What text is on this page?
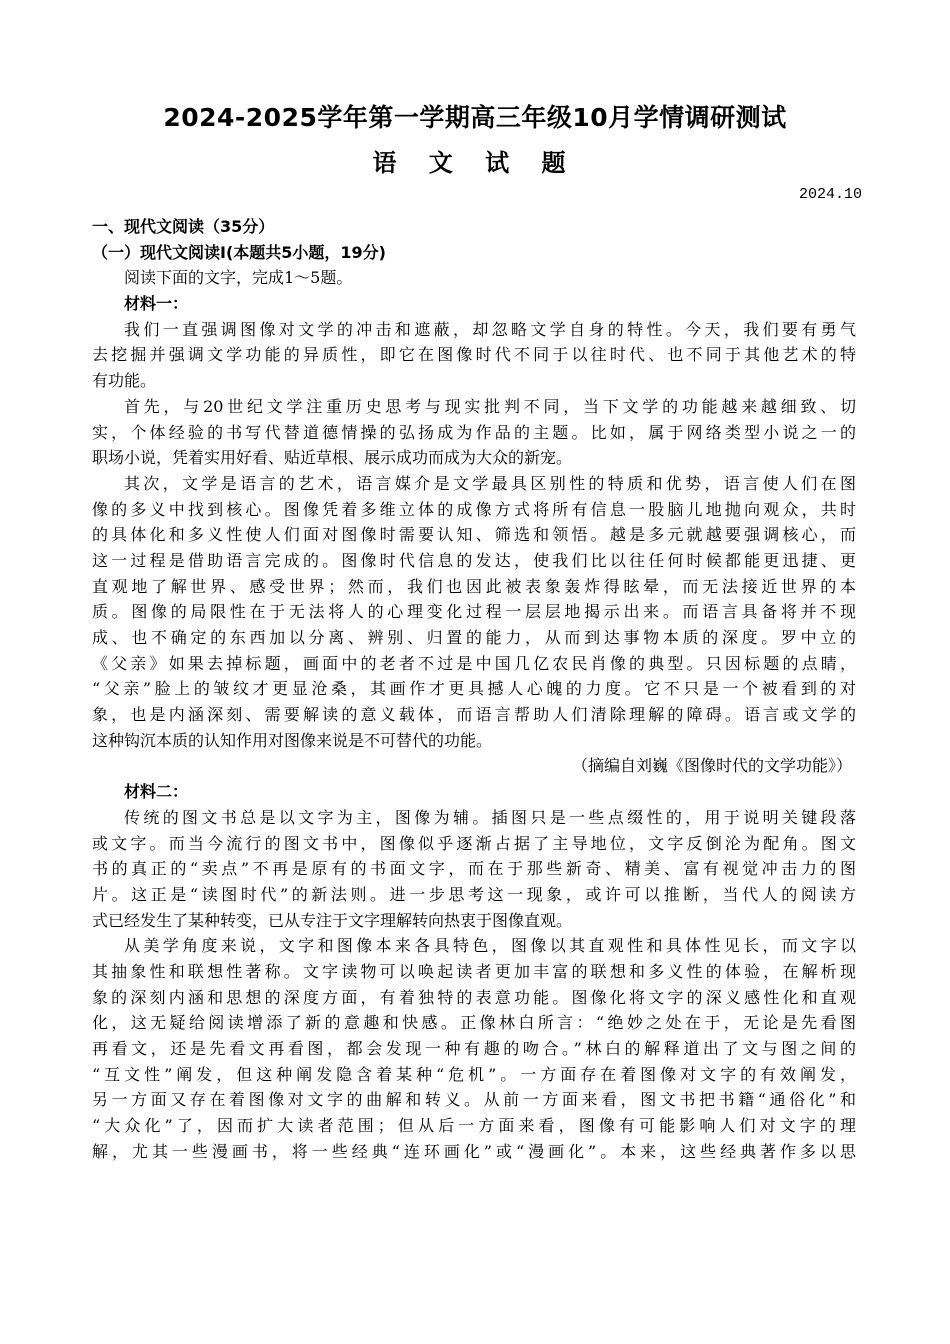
2024-2025学年第一学期高三年级10月学情调研测试
语 文 试 题
2024.10
一、现代文阅读（35分）
（一）现代文阅读Ⅰ(本题共5小题，19分)
阅读下面的文字，完成1～5题。
材料一：
我们一直强调图像对文学的冲击和遮蔽，却忽略文学自身的特性。今天，我们要有勇气
去挖掘并强调文学功能的异质性，即它在图像时代不同于以往时代、也不同于其他艺术的特
有功能。
首先，与20世纪文学注重历史思考与现实批判不同，当下文学的功能越来越细致、切
实，个体经验的书写代替道德情操的弘扬成为作品的主题。比如，属于网络类型小说之一的
职场小说，凭着实用好看、贴近草根、展示成功而成为大众的新宠。
其次，文学是语言的艺术，语言媒介是文学最具区别性的特质和优势，语言使人们在图
像的多义中找到核心。图像凭着多维立体的成像方式将所有信息一股脑儿地抛向观众，共时
的具体化和多义性使人们面对图像时需要认知、筛选和领悟。越是多元就越要强调核心，而
这一过程是借助语言完成的。图像时代信息的发达，使我们比以往任何时候都能更迅捷、更
直观地了解世界、感受世界；然而，我们也因此被表象轰炸得眩晕，而无法接近世界的本
质。图像的局限性在于无法将人的心理变化过程一层层地揭示出来。而语言具备将并不现
成、也不确定的东西加以分离、辨别、归置的能力，从而到达事物本质的深度。罗中立的
《父亲》如果去掉标题，画面中的老者不过是中国几亿农民肖像的典型。只因标题的点睛，
“父亲”脸上的皱纹才更显沧桑，其画作才更具撼人心魄的力度。它不只是一个被看到的对
象，也是内涵深刻、需要解读的意义载体，而语言帮助人们清除理解的障碍。语言或文学的
这种钩沉本质的认知作用对图像来说是不可替代的功能。
（摘编自刘巍《图像时代的文学功能》）
材料二：
传统的图文书总是以文字为主，图像为辅。插图只是一些点缀性的，用于说明关键段落
或文字。而当今流行的图文书中，图像似乎逐渐占据了主导地位，文字反倒沦为配角。图文
书的真正的“卖点”不再是原有的书面文字，而在于那些新奇、精美、富有视觉冲击力的图
片。这正是“读图时代”的新法则。进一步思考这一现象，或许可以推断，当代人的阅读方
式已经发生了某种转变，已从专注于文字理解转向热衷于图像直观。
从美学角度来说，文字和图像本来各具特色，图像以其直观性和具体性见长，而文字以
其抽象性和联想性著称。文字读物可以唤起读者更加丰富的联想和多义性的体验，在解析现
象的深刻内涵和思想的深度方面，有着独特的表意功能。图像化将文字的深义感性化和直观
化，这无疑给阅读增添了新的意趣和快感。正像林白所言：“绝妙之处在于，无论是先看图
再看文，还是先看文再看图，都会发现一种有趣的吻合。”林白的解释道出了文与图之间的
“互文性”阐发，但这种阐发隐含着某种“危机”。一方面存在着图像对文字的有效阐发，
另一方面又存在着图像对文字的曲解和转义。从前一方面来看，图文书把书籍“通俗化”和
“大众化”了，因而扩大读者范围；但从后一方面来看，图像有可能影响人们对文字的理
解，尤其一些漫画书，将一些经典“连环画化”或“漫画化”。本来，这些经典著作多以思
